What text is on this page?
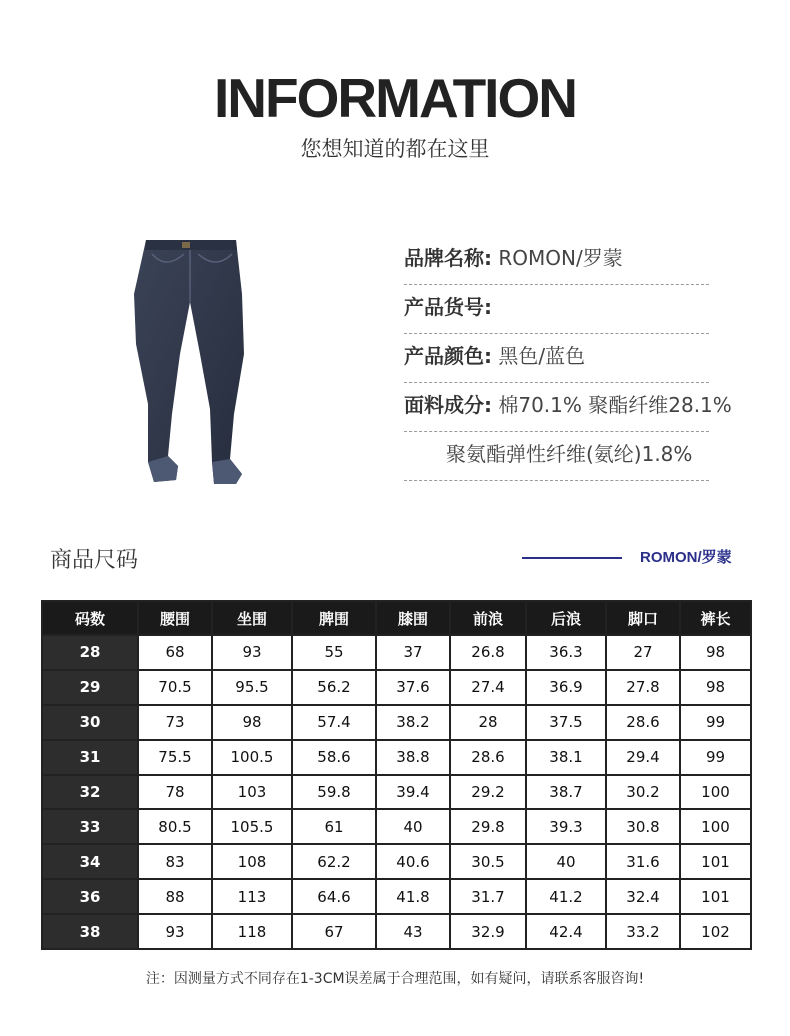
INFORMATION
您想知道的都在这里
品牌名称: ROMON/罗蒙
产品货号:
产品颜色: 黑色/蓝色
面料成分: 棉70.1% 聚酯纤维28.1%
聚氨酯弹性纤维(氨纶)1.8%
商品尺码	ROMON/罗蒙
码数	腰围	坐围	脾围	膝围	前浪	后浪	脚口	裤长
28	68	93	55	37	26.8	36.3	27	98
29	70.5	95.5	56.2	37.6	27.4	36.9	27.8	98
30	73	98	57.4	38.2	28	37.5	28.6	99
31	75.5	100.5	58.6	38.8	28.6	38.1	29.4	99
32	78	103	59.8	39.4	29.2	38.7	30.2	100
33	80.5	105.5	61	40	29.8	39.3	30.8	100
34	83	108	62.2	40.6	30.5	40	31.6	101
36	88	113	64.6	41.8	31.7	41.2	32.4	101
38	93	118	67	43	32.9	42.4	33.2	102
注：因测量方式不同存在1-3CM误差属于合理范围，如有疑问，请联系客服咨询!
